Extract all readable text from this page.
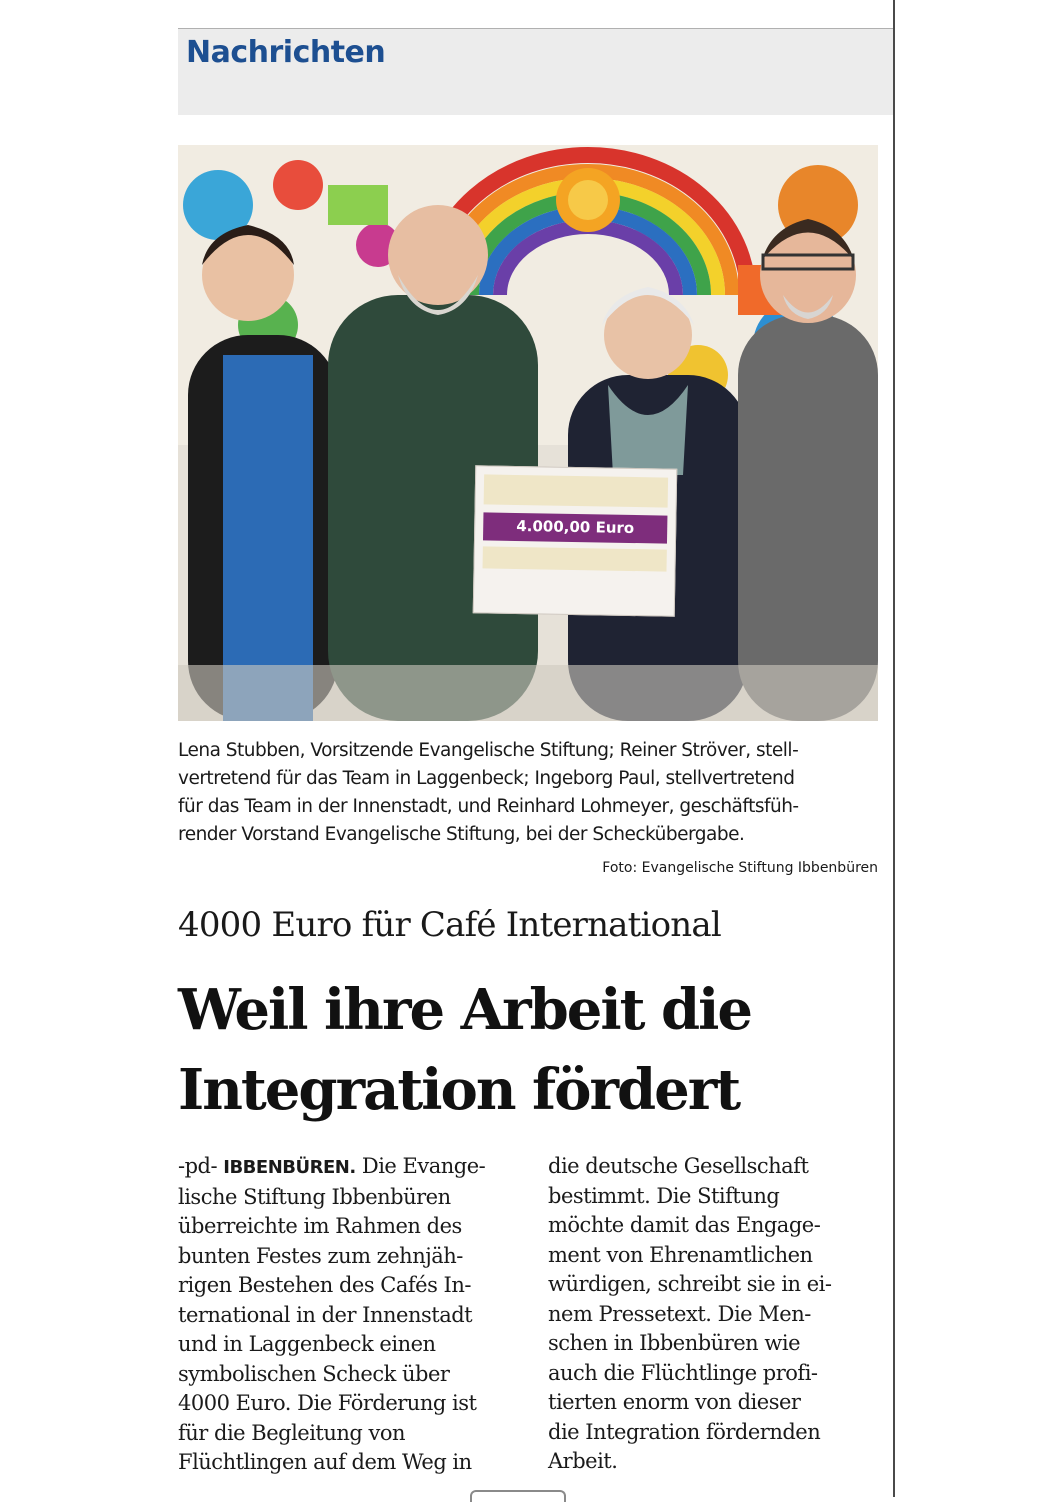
Nachrichten
4.000,00 Euro
Lena Stubben, Vorsitzende Evangelische Stiftung; Reiner Ströver, stell-
vertretend für das Team in Laggenbeck; Ingeborg Paul, stellvertretend
für das Team in der Innenstadt, und Reinhard Lohmeyer, geschäftsfüh-
render Vorstand Evangelische Stiftung, bei der Scheckübergabe.
Foto: Evangelische Stiftung Ibbenbüren
4000 Euro für Café International
Weil ihre Arbeit die
Integration fördert
-pd- IBBENBÜREN. Die Evange-
lische Stiftung Ibbenbüren
überreichte im Rahmen des
bunten Festes zum zehnjäh-
rigen Bestehen des Cafés In-
ternational in der Innenstadt
und in Laggenbeck einen
symbolischen Scheck über
4000 Euro. Die Förderung ist
für die Begleitung von
Flüchtlingen auf dem Weg in
die deutsche Gesellschaft
bestimmt. Die Stiftung
möchte damit das Engage-
ment von Ehrenamtlichen
würdigen, schreibt sie in ei-
nem Pressetext. Die Men-
schen in Ibbenbüren wie
auch die Flüchtlinge profi-
tierten enorm von dieser
die Integration fördernden
Arbeit.
